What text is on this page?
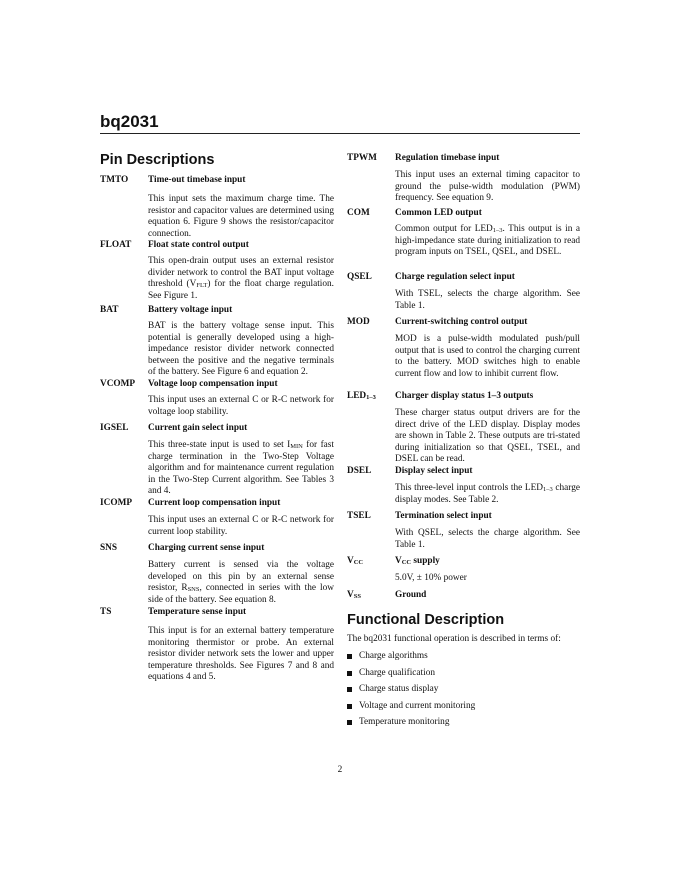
bq2031
Pin Descriptions
TMTO Time-out timebase input
This input sets the maximum charge time. The resistor and capacitor values are determined using equation 6. Figure 9 shows the resistor/capacitor connection.
FLOAT Float state control output
This open-drain output uses an external resistor divider network to control the BAT input voltage threshold $(V_{FLT})$ for the float charge regulation. See Figure 1.
BAT	Battery voltage input
BAT is the battery voltage sense input. This potential is generally developed using a high-impedance resistor divider network connected between the positive and the negative terminals of the battery. See Figure 6 and equation 2.
VCOMP Voltage loop compensation input
This input uses an external C or R-C network for voltage loop stability.
IGSEL Current gain select input
This three-state input is used to set $I_{MIN}$ for fast charge termination in the Two-Step Voltage algorithm and for maintenance current regulation in the Two-Step Current algorithm. See Tables 3 and 4.
ICOMP Current loop compensation input
This input uses an external C or R-C network for current loop stability.
SNS	Charging current sense input
Battery current is sensed via the voltage developed on this pin by an external sense resistor, $R_{SNS}$, connected in series with the low side of the battery. See equation 8.
TS	Temperature sense input
This input is for an external battery temperature monitoring thermistor or probe. An external resistor divider network sets the lower and upper temperature thresholds. See Figures 7 and 8 and equations 4 and 5.
TPWM Regulation timebase input
This input uses an external timing capacitor to ground the pulse-width modulation (PWM) frequency. See equation 9.
COM	Common LED output
Common output for $LED_{1-3}$. This output is in a high-impedance state during initialization to read program inputs on TSEL, QSEL, and DSEL.
QSEL Charge regulation select input
With TSEL, selects the charge algorithm. See Table 1.
MOD	Current-switching control output
MOD is a pulse-width modulated push/pull output that is used to control the charging current to the battery. MOD switches high to enable current flow and low to inhibit current flow.
$LED_{1-3}$ Charger display status 1–3 outputs
These charger status output drivers are for the direct drive of the LED display. Display modes are shown in Table 2. These outputs are tri-stated during initialization so that QSEL, TSEL, and DSEL can be read.
DSEL	Display select input
This three-level input controls the $LED_{1-3}$ charge display modes. See Table 2.
TSEL	Termination select input
With QSEL, selects the charge algorithm. See Table 1.
$V_{CC}$	$V_{CC}$ supply
5.0V, ± 10% power
$V_{SS}$	Ground
Functional Description
The bq2031 functional operation is described in terms of:
Charge algorithms
Charge qualification
Charge status display
Voltage and current monitoring
Temperature monitoring
2
